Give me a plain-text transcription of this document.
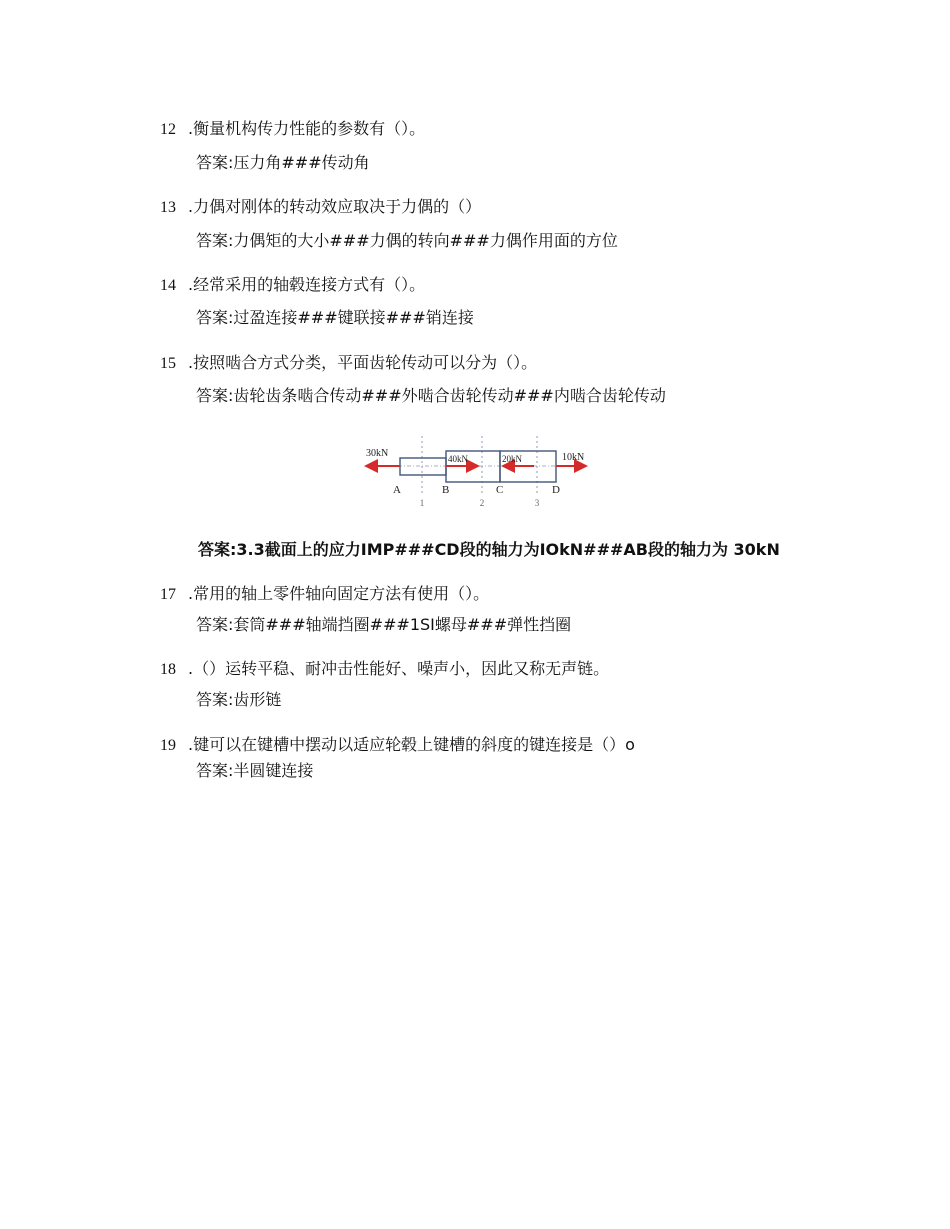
12 .衡量机构传力性能的参数有（）。
答案:压力角###传动角
13 .力偶对刚体的转动效应取决于力偶的（）
答案:力偶矩的大小###力偶的转向###力偶作用面的方位
14 .经常采用的轴毂连接方式有（）。
答案:过盈连接###键联接###销连接
15 .按照啮合方式分类，平面齿轮传动可以分为（）。
答案:齿轮齿条啮合传动###外啮合齿轮传动###内啮合齿轮传动
30kN	40kN	20kN	10kN
A	B	C	D
1	2	3
答案:3.3截面上的应力IMP###CD段的轴力为IOkN###AB段的轴力为 30kN
17 .常用的轴上零件轴向固定方法有使用（）。
答案:套筒###轴端挡圈###1SI螺母###弹性挡圈
18 .（）运转平稳、耐冲击性能好、噪声小，因此又称无声链。
答案:齿形链
19 .键可以在键槽中摆动以适应轮毂上键槽的斜度的键连接是（）o
答案:半圆键连接
